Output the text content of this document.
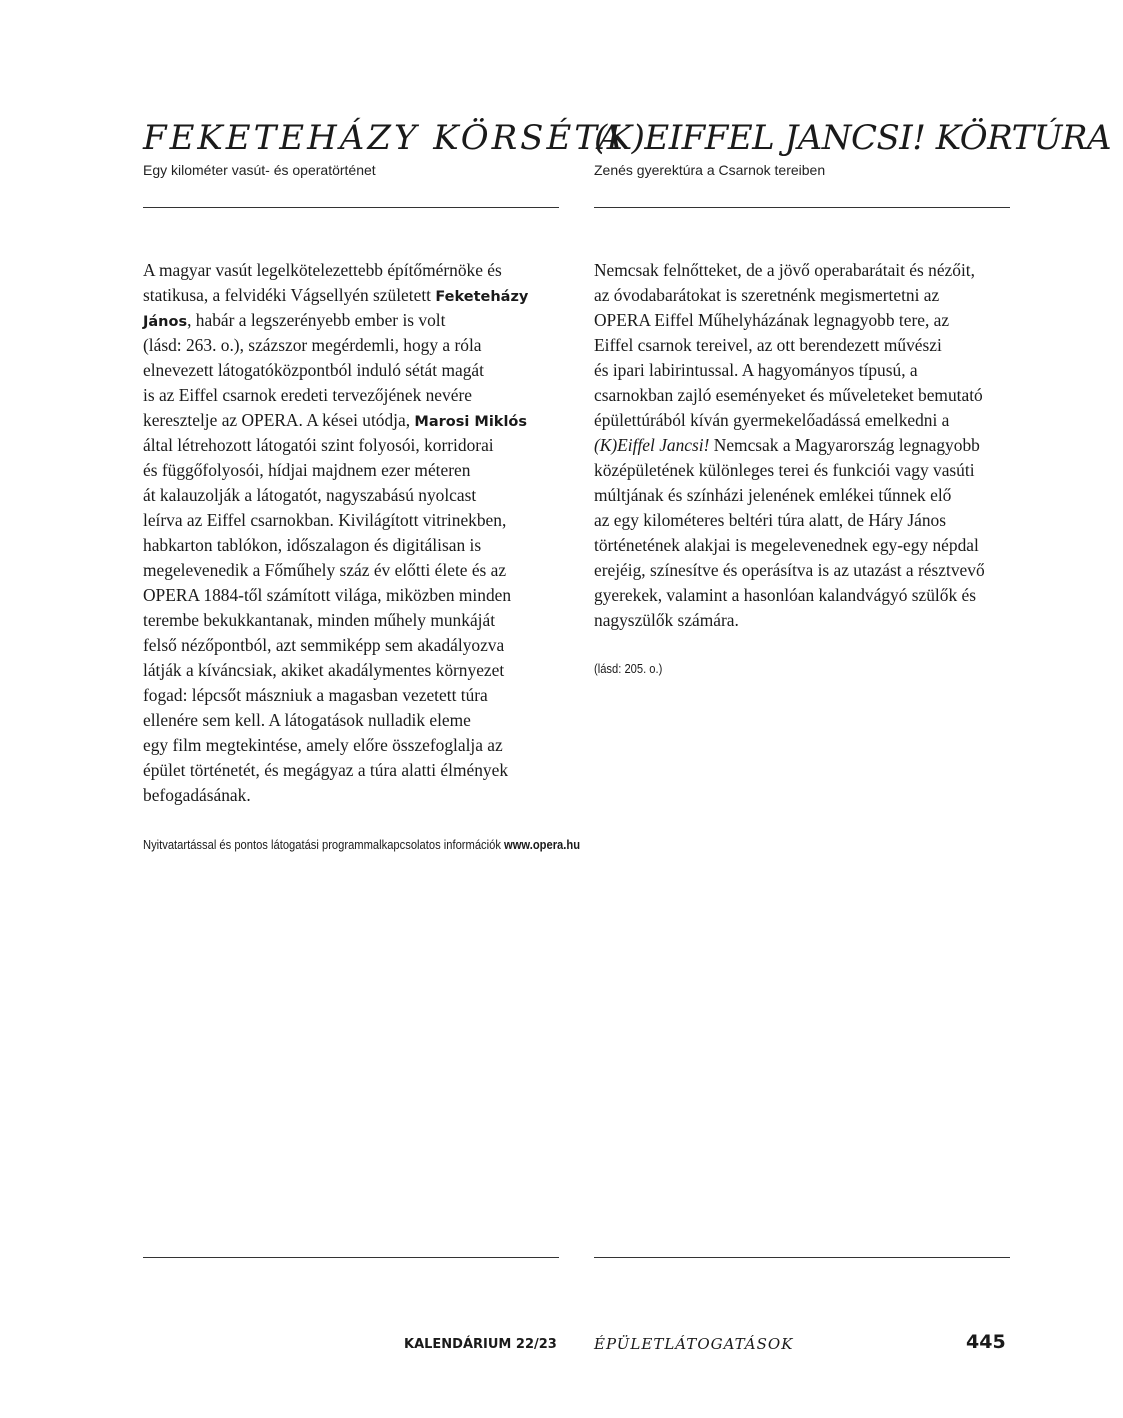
FEKETEHÁZY KÖRSÉTA
Egy kilométer vasút- és operatörténet
A magyar vasút legelkötelezettebb építőmérnöke és
statikusa, a felvidéki Vágsellyén született Feketeházy
János, habár a legszerényebb ember is volt
(lásd: 263. o.), százszor megérdemli, hogy a róla
elnevezett látogatóközpontból induló sétát magát
is az Eiffel csarnok eredeti tervezőjének nevére
keresztelje az OPERA. A kései utódja, Marosi Miklós
által létrehozott látogatói szint folyosói, korridorai
és függőfolyosói, hídjai majdnem ezer méteren
át kalauzolják a látogatót, nagyszabású nyolcast
leírva az Eiffel csarnokban. Kivilágított vitrinekben,
habkarton tablókon, időszalagon és digitálisan is
megelevenedik a Főműhely száz év előtti élete és az
OPERA 1884-től számított világa, miközben minden
terembe bekukkantanak, minden műhely munkáját
felső nézőpontból, azt semmiképp sem akadályozva
látják a kíváncsiak, akiket akadálymentes környezet
fogad: lépcsőt mászniuk a magasban vezetett túra
ellenére sem kell. A látogatások nulladik eleme
egy film megtekintése, amely előre összefoglalja az
épület történetét, és megágyaz a túra alatti élmények
befogadásának.
Nyitvatartással és pontos látogatási programmalkapcsolatos információk www.opera.hu
(K)EIFFEL JANCSI! KÖRTÚRA
Zenés gyerektúra a Csarnok tereiben
Nemcsak felnőtteket, de a jövő operabarátait és nézőit,
az óvodabarátokat is szeretnénk megismertetni az
OPERA Eiffel Műhelyházának legnagyobb tere, az
Eiffel csarnok tereivel, az ott berendezett művészi
és ipari labirintussal. A hagyományos típusú, a
csarnokban zajló eseményeket és műveleteket bemutató
épülettúrából kíván gyermekelőadássá emelkedni a
(K)Eiffel Jancsi! Nemcsak a Magyarország legnagyobb
középületének különleges terei és funkciói vagy vasúti
múltjának és színházi jelenének emlékei tűnnek elő
az egy kilométeres beltéri túra alatt, de Háry János
történetének alakjai is megelevenednek egy-egy népdal
erejéig, színesítve és operásítva is az utazást a résztvevő
gyerekek, valamint a hasonlóan kalandvágyó szülők és
nagyszülők számára.
(lásd: 205. o.)
KALENDÁRIUM 22/23 ÉPÜLETLÁTOGATÁSOK	445
